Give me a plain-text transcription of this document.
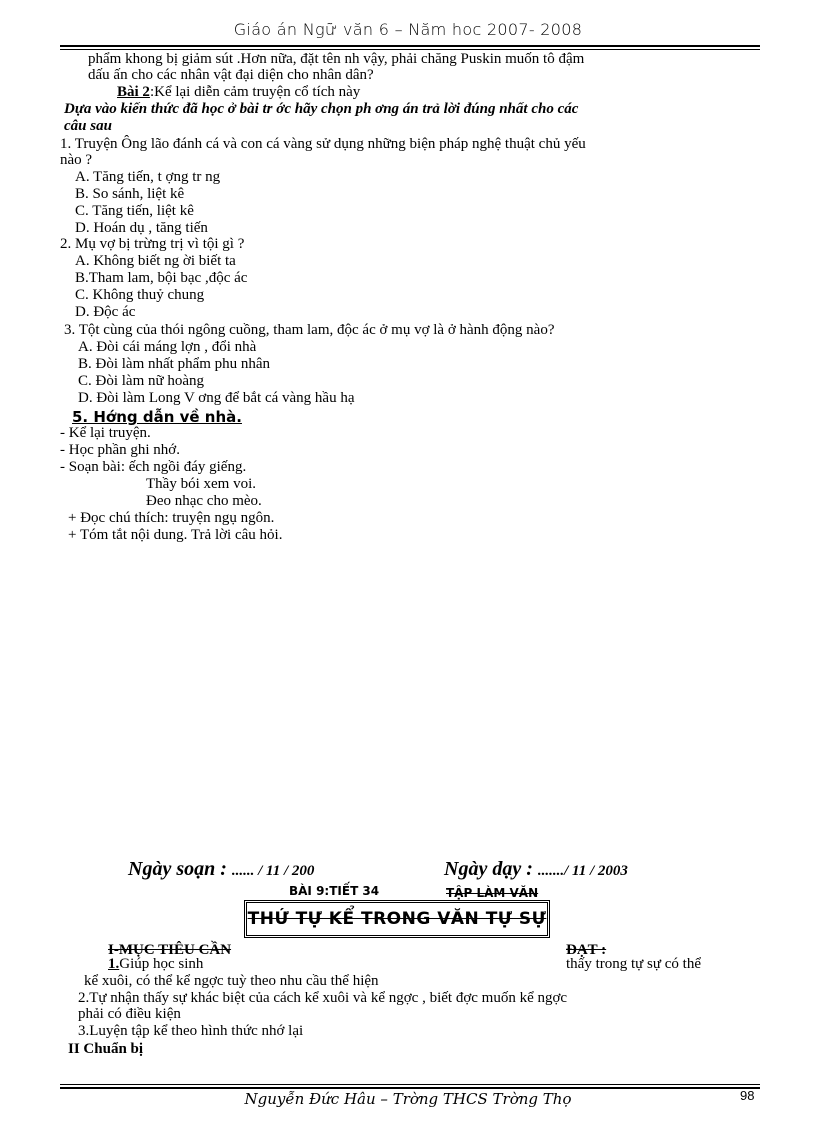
Giáo án Ngữ văn 6 – Năm hoc 2007- 2008
phẩm khong bị giảm sút .Hơn nữa, đặt tên nh vậy, phải chăng Puskin muốn tô đậm
dấu ấn cho các nhân vật đại diện cho nhân dân?
Bài 2:Kể lại diễn cảm truyện cổ tích này
Dựa vào kiến thức đã học ở bài tr ớc hãy chọn ph ơng án trả lời đúng nhất cho các
câu sau
1. Truyện Ông lão đánh cá và con cá vàng sử dụng những biện pháp nghệ thuật chủ yếu
nào ?
A. Tăng tiến, t ợng tr ng
B. So sánh, liệt kê
C. Tăng tiến, liệt kê
D. Hoán dụ , tăng tiến
2. Mụ vợ bị trừng trị vì tội gì ?
A. Không biết ng ời biết ta
B.Tham lam, bội bạc ,độc ác
C. Không thuỷ chung
D. Độc ác
3. Tột cùng của thói ngông cuồng, tham lam, độc ác ở mụ vợ là ở hành động nào?
A. Đòi cái máng lợn , đổi nhà
B. Đòi làm nhất phẩm phu nhân
C. Đòi làm nữ hoàng
D. Đòi làm Long V ơng để bắt cá vàng hầu hạ
5. Hớng dẫn về nhà.
- Kể lại truyện.
- Học phần ghi nhớ.
- Soạn bài: ếch ngồi đáy giếng.
Thầy bói xem voi.
Đeo nhạc cho mèo.
+ Đọc chú thích: truyện ngụ ngôn.
+ Tóm tắt nội dung. Trả lời câu hỏi.
Ngày soạn : ...... / 11 / 200	Ngày dạy : ......./ 11 / 2003
BÀI 9:TIẾT 34	TẬP LÀM VĂN
THỨ TỰ KỂ TRONG VĂN TỰ SỰ
I-MỤC TIÊU CẦN	ĐẠT :
1.Giúp học sinh	thấy trong tự sự có thể
kể xuôi, có thể kể ngợc tuỳ theo nhu cầu thể hiện
2.Tự nhận thấy sự khác biệt của cách kể xuôi và kể ngợc , biết đợc muốn kể ngợc
phải có điều kiện
3.Luyện tập kể theo hình thức nhớ lại
II Chuẩn bị
Nguyễn Đức Hâu – Trờng THCS Trờng Thọ	98
